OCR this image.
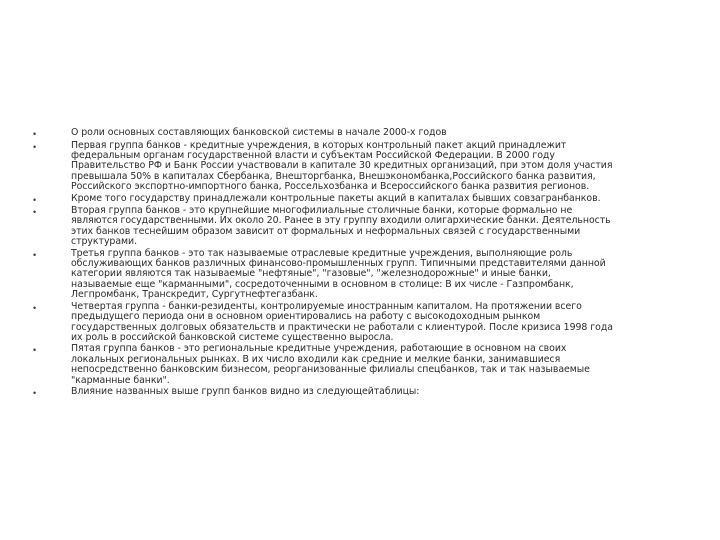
•	О роли основных составляющих банковской системы в начале 2000-х годов
•	Первая группа банков - кредитные учреждения, в которых контрольный пакет акций принадлежит
федеральным органам государственной власти и субъектам Российской Федерации. В 2000 году
Правительство РФ и Банк России участвовали в капитале 30 кредитных организаций, при этом доля участия
превышала 50% в капиталах Сбербанка, Внешторгбанка, Внешэкономбанка,Российского банка развития,
Российского экспортно-импортного банка, Россельхозбанка и Всероссийского банка развития регионов.
•	Кроме того государству принадлежали контрольные пакеты акций в капиталах бывших совзагранбанков.
•	Вторая группа банков - это крупнейшие многофилиальные столичные банки, которые формально не
являются государственными. Их около 20. Ранее в эту группу входили олигархические банки. Деятельность
этих банков теснейшим образом зависит от формальных и неформальных связей с государственными
структурами.
•	Третья группа банков - это так называемые отраслевые кредитные учреждения, выполняющие роль
обслуживающих банков различных финансово-промышленных групп. Типичными представителями данной
категории являются так называемые "нефтяные", "газовые", "железнодорожные" и иные банки,
называемые еще "карманными", сосредоточенными в основном в столице: В их числе - Газпромбанк,
Легпромбанк, Транскредит, Сургутнефтегазбанк.
•	Четвертая группа - банки-резиденты, контролируемые иностранным капиталом. На протяжении всего
предыдущего периода они в основном ориентировались на работу с высокодоходным рынком
государственных долговых обязательств и практически не работали с клиентурой. После кризиса 1998 года
их роль в российской банковской системе существенно выросла.
•	Пятая группа банков - это региональные кредитные учреждения, работающие в основном на своих
локальных региональных рынках. В их число входили как средние и мелкие банки, занимавшиеся
непосредственно банковским бизнесом, реорганизованные филиалы спецбанков, так и так называемые
"карманные банки".
•	Влияние названных выше групп банков видно из следующейтаблицы:
